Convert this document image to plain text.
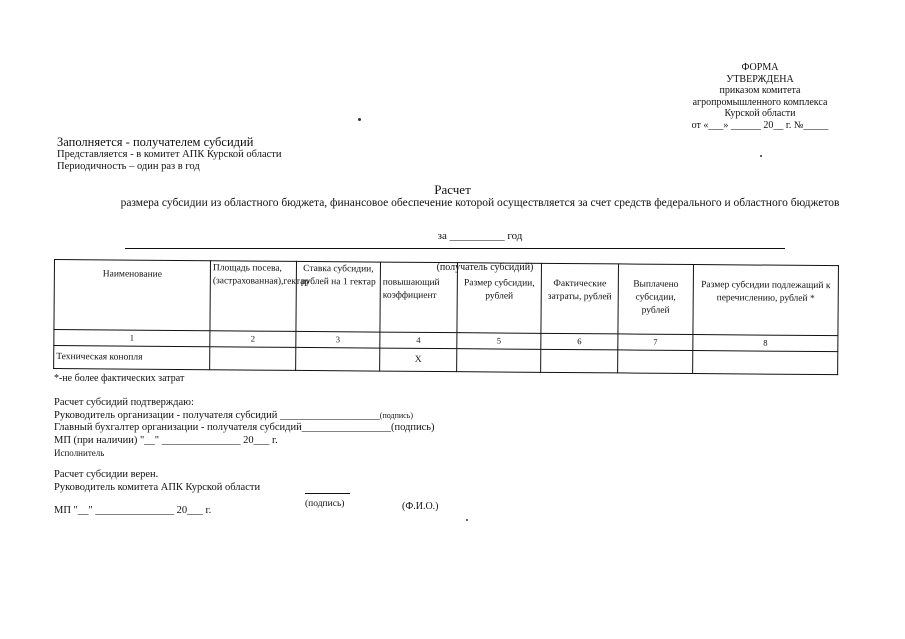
ФОРМА
УТВЕРЖДЕНА
приказом комитета
агропромышленного комплекса
Курской области
от «___» ______ 20__ г. №_____
Заполняется - получателем субсидий
Представляется - в комитет АПК Курской области
Периодичность – один раз в год
Расчет
размера субсидии из областного бюджета, финансовое обеспечение которой осуществляется за счет средств федерального и областного бюджетов
за __________ год
Наименование	Площадь посева,(застрахованная),гектар	Ставка субсидии, рублей на 1 гектар	повышающий коэффициент	Размер субсидии, рублей	Фактические затраты, рублей	Выплачено субсидии, рублей	Размер субсидии подлежащий к перечислению, рублей *
1	2	3	4	5	6	7	8
Техническая конопля			Х				
(получатель субсидий)
*-не более фактических затрат
Расчет субсидий подтверждаю:
Руководитель организации - получателя субсидий ___________________(подпись)
Главный бухгалтер организации - получателя субсидий_________________(подпись)
МП (при наличии) "__" _______________ 20___ г.
Исполнитель
Расчет субсидии верен.
Руководитель комитета АПК Курской области
(подпись)	(Ф.И.О.)
МП "__" _______________ 20___ г.
